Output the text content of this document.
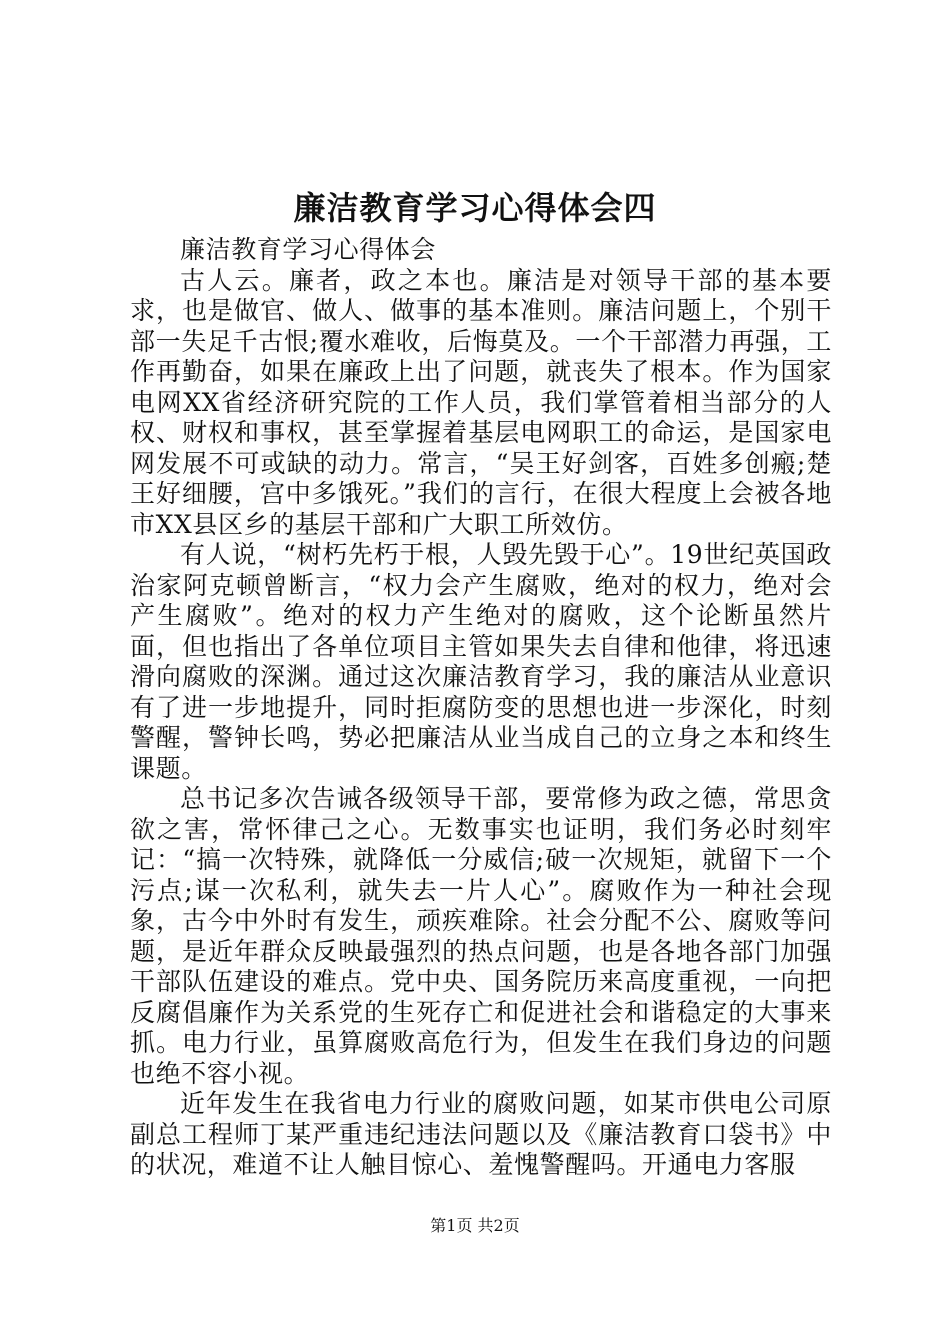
廉洁教育学习心得体会四

廉洁教育学习心得体会

古人云。廉者，政之本也。廉洁是对领导干部的基本要求，也是做官、做人、做事的基本准则。廉洁问题上，个别干部一失足千古恨;覆水难收，后悔莫及。一个干部潜力再强，工作再勤奋，如果在廉政上出了问题，就丧失了根本。作为国家电网XX省经济研究院的工作人员，我们掌管着相当部分的人权、财权和事权，甚至掌握着基层电网职工的命运，是国家电网发展不可或缺的动力。常言，“吴王好剑客，百姓多创瘢;楚王好细腰，宫中多饿死。”我们的言行，在很大程度上会被各地市XX县区乡的基层干部和广大职工所效仿。

有人说，“树朽先朽于根，人毁先毁于心”。19世纪英国政治家阿克顿曾断言，“权力会产生腐败，绝对的权力，绝对会产生腐败”。绝对的权力产生绝对的腐败，这个论断虽然片面，但也指出了各单位项目主管如果失去自律和他律，将迅速滑向腐败的深渊。通过这次廉洁教育学习，我的廉洁从业意识有了进一步地提升，同时拒腐防变的思想也进一步深化，时刻警醒，警钟长鸣，势必把廉洁从业当成自己的立身之本和终生课题。

总书记多次告诫各级领导干部，要常修为政之德，常思贪欲之害，常怀律己之心。无数事实也证明，我们务必时刻牢记：“搞一次特殊，就降低一分威信;破一次规矩，就留下一个污点;谋一次私利，就失去一片人心”。腐败作为一种社会现象，古今中外时有发生，顽疾难除。社会分配不公、腐败等问题，是近年群众反映最强烈的热点问题，也是各地各部门加强干部队伍建设的难点。党中央、国务院历来高度重视，一向把反腐倡廉作为关系党的生死存亡和促进社会和谐稳定的大事来抓。电力行业，虽算腐败高危行为，但发生在我们身边的问题也绝不容小视。

近年发生在我省电力行业的腐败问题，如某市供电公司原副总工程师丁某严重违纪违法问题以及《廉洁教育口袋书》中的状况，难道不让人触目惊心、羞愧警醒吗。开通电力客服

第1页 共2页
